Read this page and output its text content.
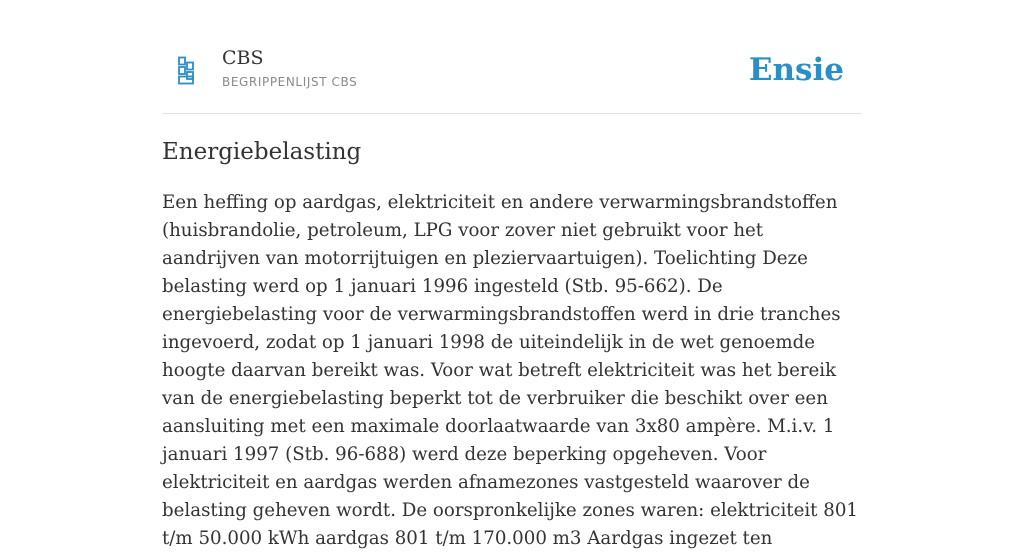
CBS
BEGRIPPENLIJST CBS	Ensie
Energiebelasting

Een heffing op aardgas, elektriciteit en andere verwarmingsbrandstoffen (huisbrandolie, petroleum, LPG voor zover niet gebruikt voor het aandrijven van motorrijtuigen en pleziervaartuigen). Toelichting Deze belasting werd op 1 januari 1996 ingesteld (Stb. 95-662). De energiebelasting voor de verwarmingsbrandstoffen werd in drie tranches ingevoerd, zodat op 1 januari 1998 de uiteindelijk in de wet genoemde hoogte daarvan bereikt was. Voor wat betreft elektriciteit was het bereik van de energiebelasting beperkt tot de verbruiker die beschikt over een aansluiting met een maximale doorlaatwaarde van 3x80 ampère. M.i.v. 1 januari 1997 (Stb. 96-688) werd deze beperking opgeheven. Voor elektriciteit en aardgas werden afnamezones vastgesteld waarover de belasting geheven wordt. De oorspronkelijke zones waren: elektriciteit 801 t/m 50.000 kWh aardgas 801 t/m 170.000 m3 Aardgas ingezet ten
